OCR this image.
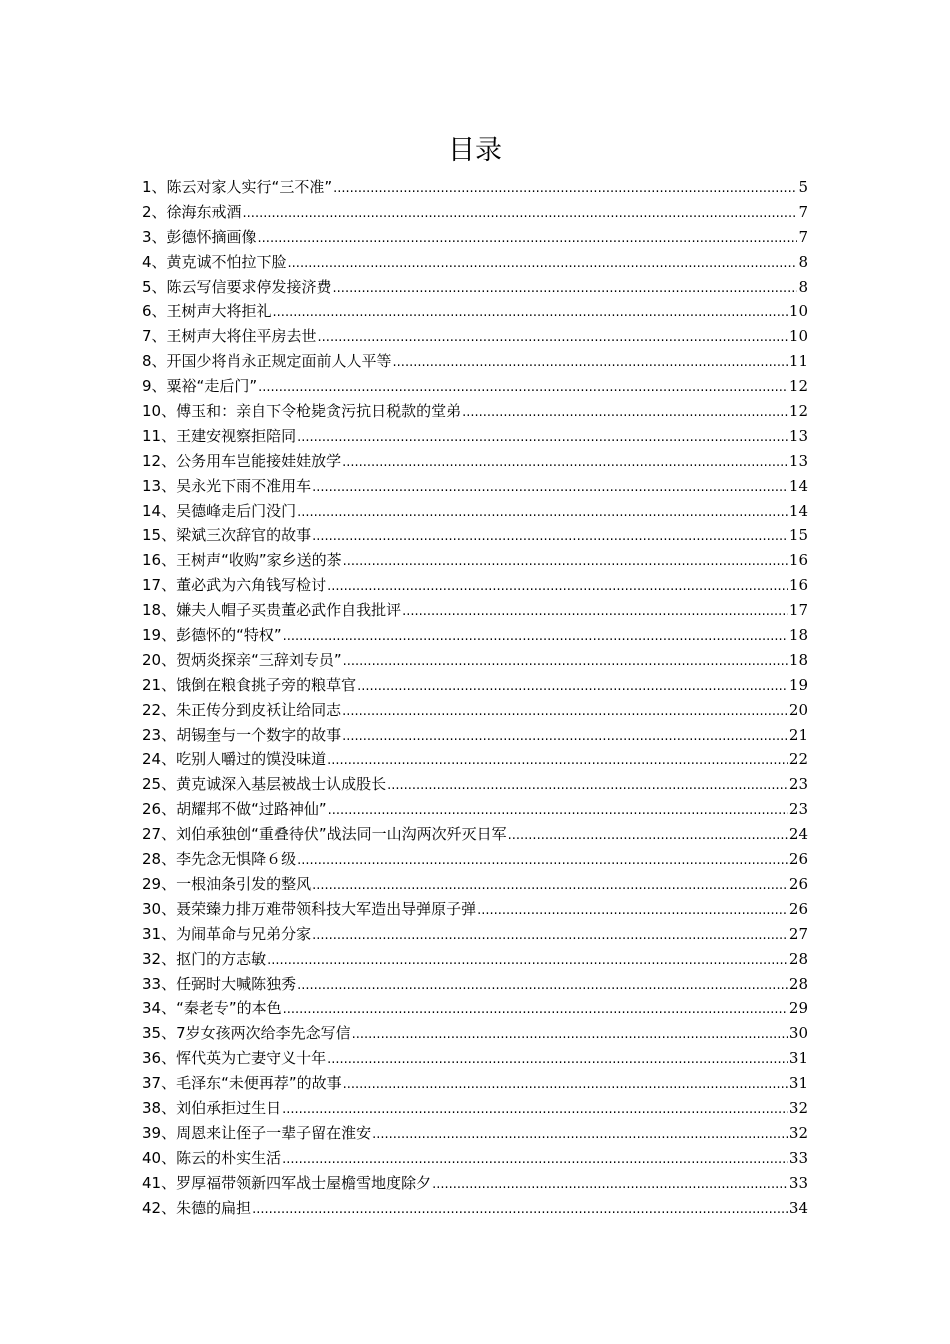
目录
1、陈云对家人实行“三不准” .....	5
2、徐海东戒酒 .....	7
3、彭德怀摘画像 .....	7
4、黄克诚不怕拉下脸 .....	8
5、陈云写信要求停发接济费 .....	8
6、王树声大将拒礼 .....	10
7、王树声大将住平房去世 .....	10
8、开国少将肖永正规定面前人人平等 .....	11
9、粟裕“走后门” .....	12
10、傅玉和：亲自下令枪毙贪污抗日税款的堂弟 .....	12
11、王建安视察拒陪同 .....	13
12、公务用车岂能接娃娃放学 .....	13
13、吴永光下雨不准用车 .....	14
14、吴德峰走后门没门 .....	14
15、梁斌三次辞官的故事 .....	15
16、王树声“收购”家乡送的茶 .....	16
17、董必武为六角钱写检讨 .....	16
18、嫌夫人帽子买贵董必武作自我批评 .....	17
19、彭德怀的“特权” .....	18
20、贺炳炎探亲“三辞刘专员” .....	18
21、饿倒在粮食挑子旁的粮草官 .....	19
22、朱正传分到皮袄让给同志 .....	20
23、胡锡奎与一个数字的故事 .....	21
24、吃别人嚼过的馍没味道 .....	22
25、黄克诚深入基层被战士认成股长 .....	23
26、胡耀邦不做“过路神仙” .....	23
27、刘伯承独创“重叠待伏”战法同一山沟两次歼灭日军 .....	24
28、李先念无惧降６级 .....	26
29、一根油条引发的整风 .....	26
30、聂荣臻力排万难带领科技大军造出导弹原子弹 .....	26
31、为闹革命与兄弟分家 .....	27
32、抠门的方志敏 .....	28
33、任弼时大喊陈独秀 .....	28
34、“秦老专”的本色 .....	29
35、7岁女孩两次给李先念写信 .....	30
36、恽代英为亡妻守义十年 .....	31
37、毛泽东“未便再荐”的故事 .....	31
38、刘伯承拒过生日 .....	32
39、周恩来让侄子一辈子留在淮安 .....	32
40、陈云的朴实生活 .....	33
41、罗厚福带领新四军战士屋檐雪地度除夕 .....	33
42、朱德的扁担 .....	34
